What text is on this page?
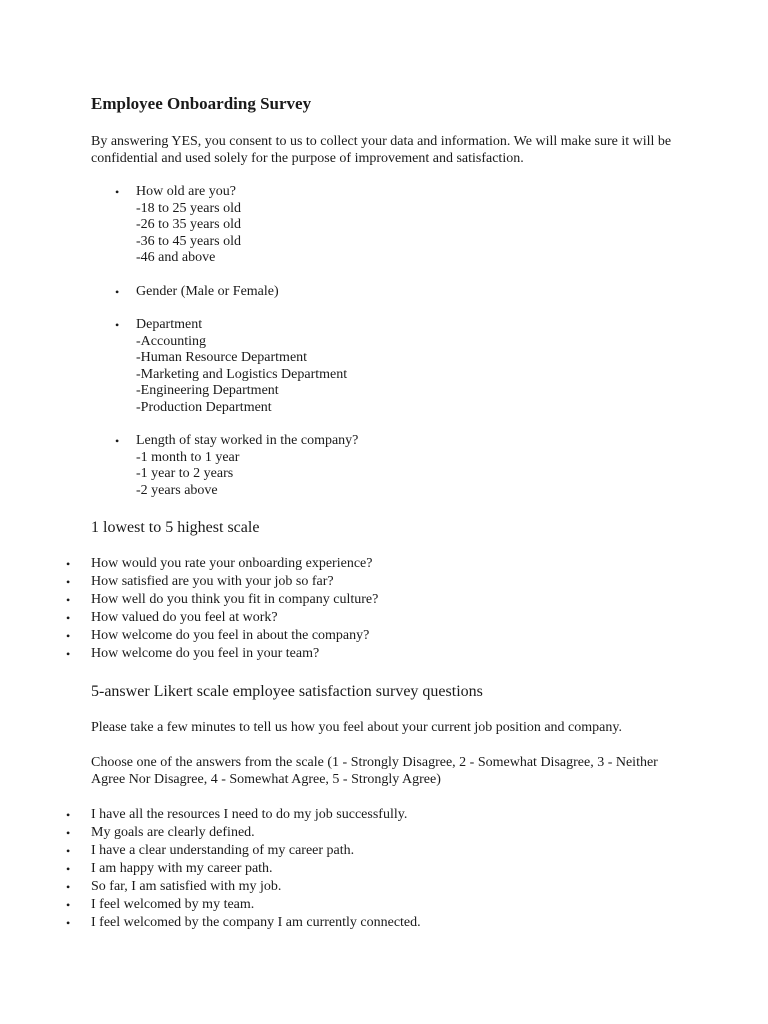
Employee Onboarding Survey

By answering YES, you consent to us to collect your data and information. We will make sure it will be confidential and used solely for the purpose of improvement and satisfaction.

• How old are you?
-18 to 25 years old
-26 to 35 years old
-36 to 45 years old
-46 and above
• Gender (Male or Female)
• Department
-Accounting
-Human Resource Department
-Marketing and Logistics Department
-Engineering Department
-Production Department
• Length of stay worked in the company?
-1 month to 1 year
-1 year to 2 years
-2 years above
1 lowest to 5 highest scale
• How would you rate your onboarding experience?
• How satisfied are you with your job so far?
• How well do you think you fit in company culture?
• How valued do you feel at work?
• How welcome do you feel in about the company?
• How welcome do you feel in your team?
5-answer Likert scale employee satisfaction survey questions

Please take a few minutes to tell us how you feel about your current job position and company.

Choose one of the answers from the scale (1 - Strongly Disagree, 2 - Somewhat Disagree, 3 - Neither Agree Nor Disagree, 4 - Somewhat Agree, 5 - Strongly Agree)

• I have all the resources I need to do my job successfully.
• My goals are clearly defined.
• I have a clear understanding of my career path.
• I am happy with my career path.
• So far, I am satisfied with my job.
• I feel welcomed by my team.
• I feel welcomed by the company I am currently connected.
